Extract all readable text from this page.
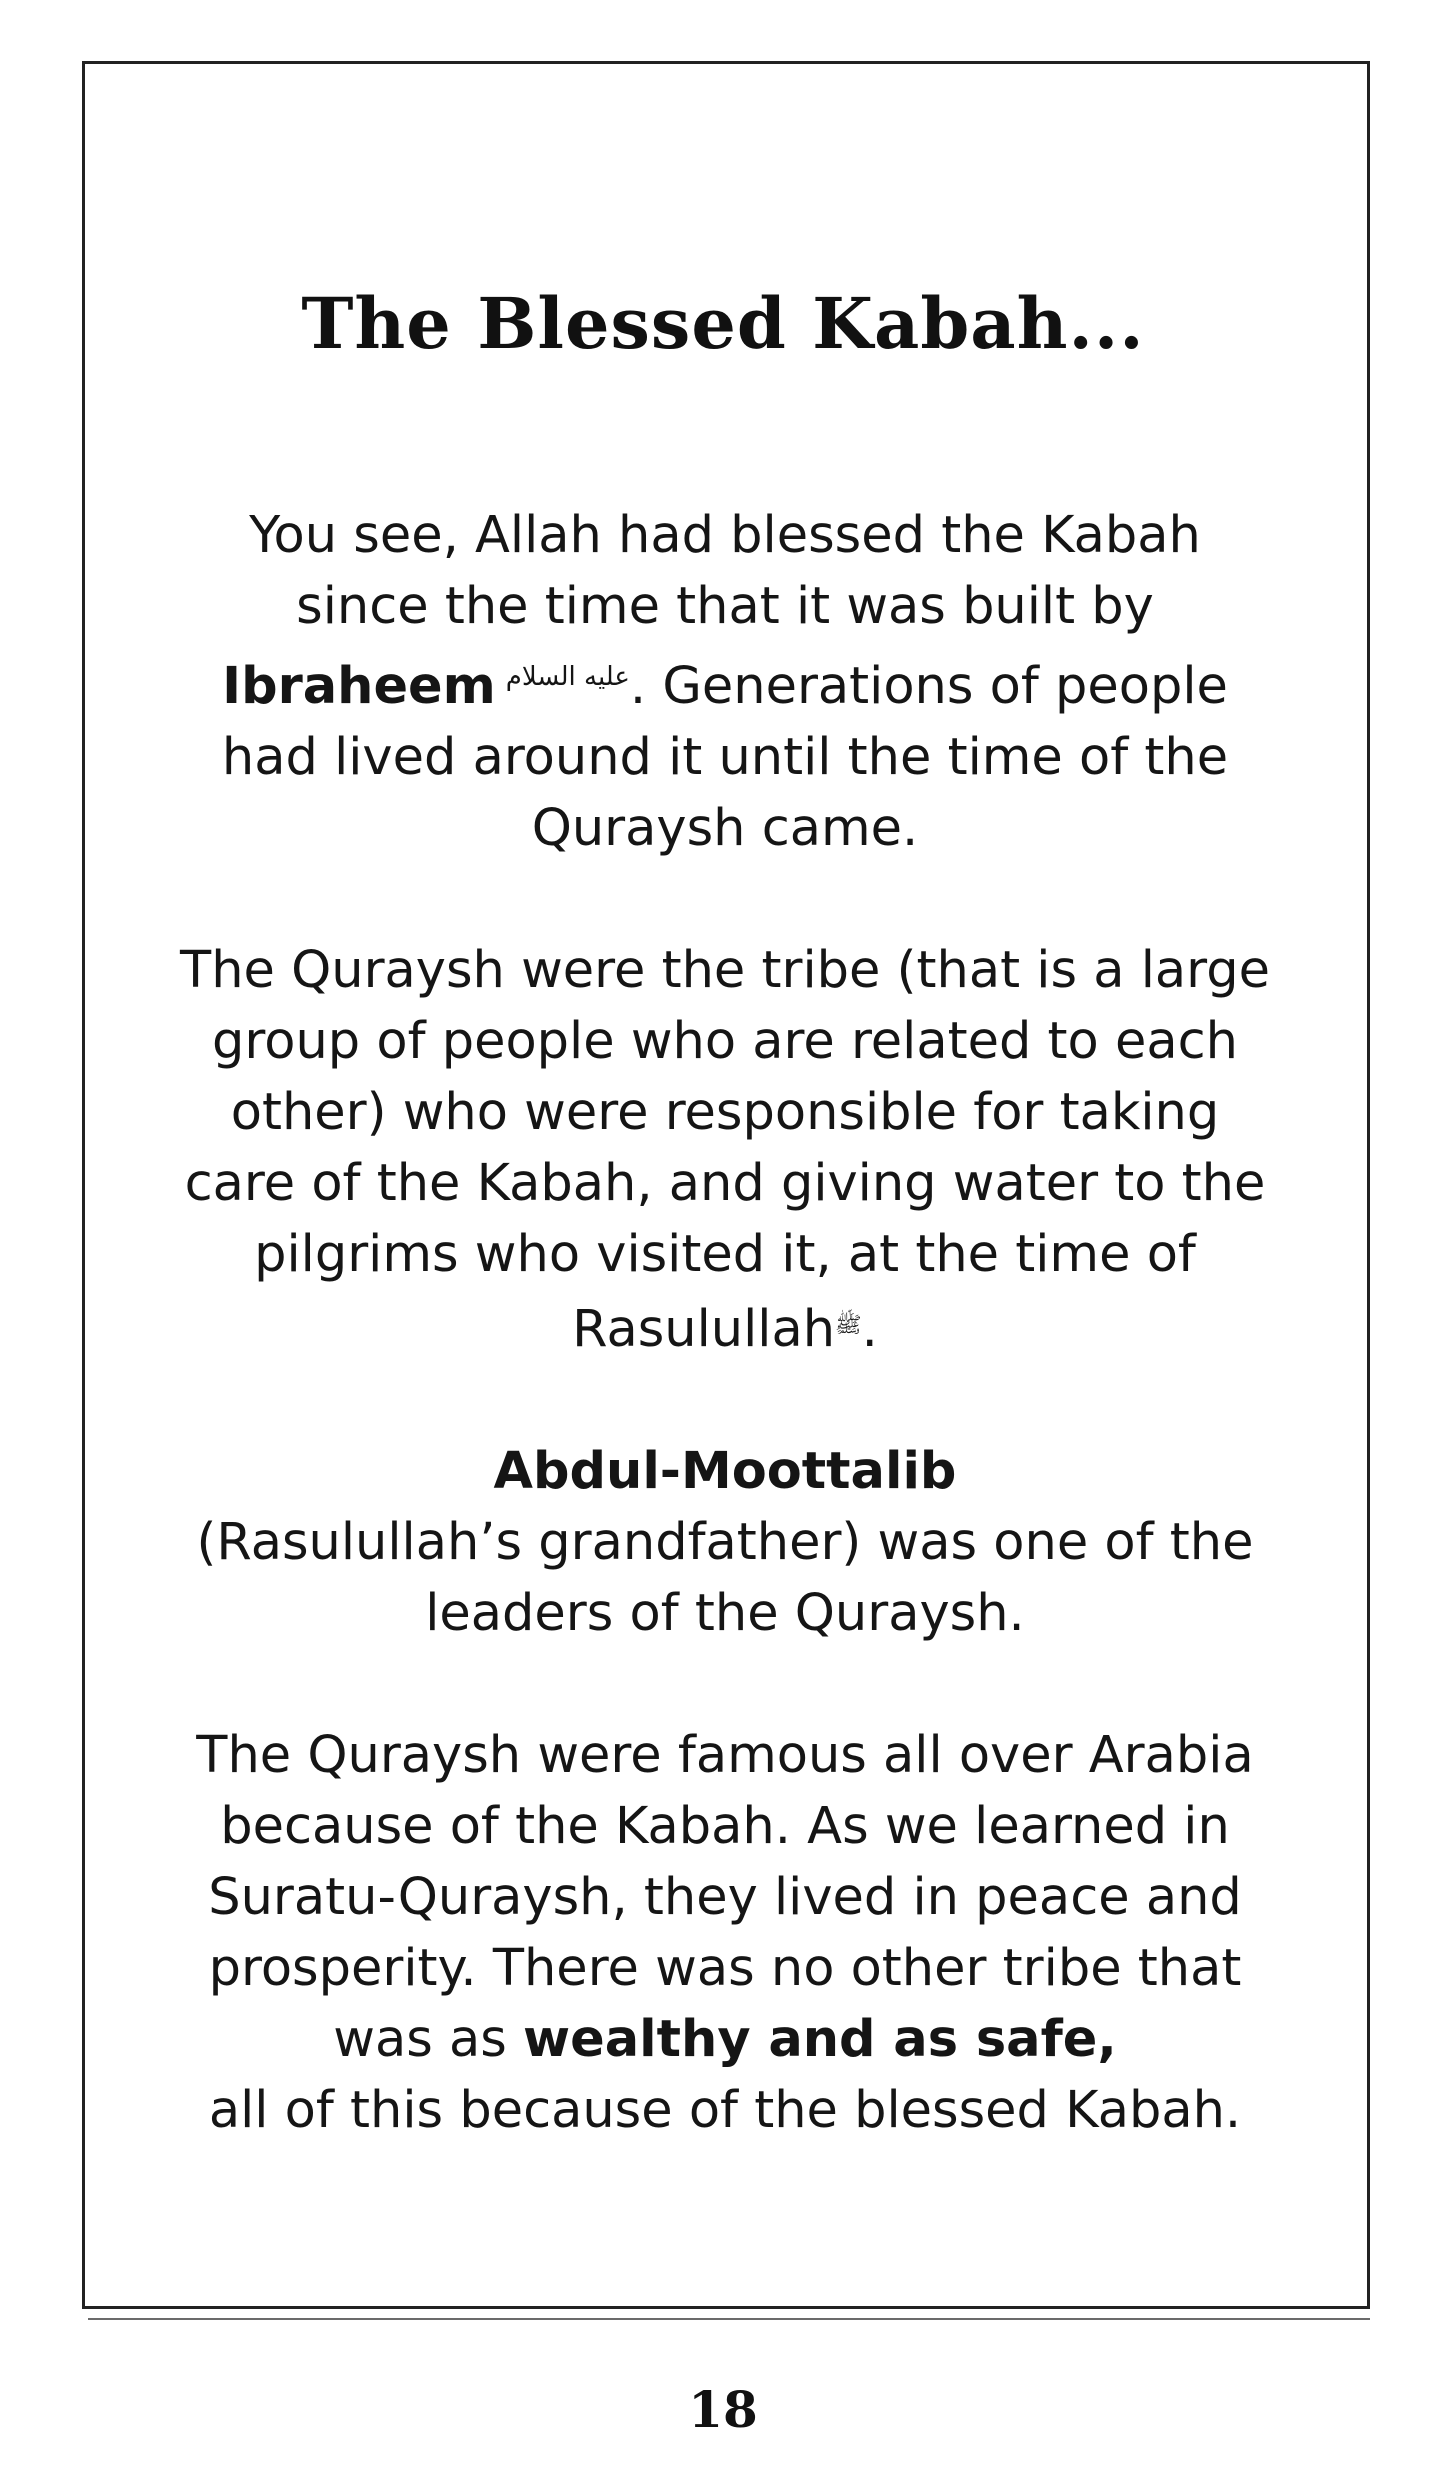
The Blessed Kabah...

You see, Allah had blessed the Kabah since the time that it was built by Ibraheem $^{عليه السلام}$. Generations of people had lived around it until the time of the Quraysh came.

The Quraysh were the tribe (that is a large group of people who are related to each other) who were responsible for taking care of the Kabah, and giving water to the pilgrims who visited it, at the time of Rasulullah$^ﷺ$.

Abdul-Moottalib
(Rasulullah’s grandfather) was one of the leaders of the Quraysh.

The Quraysh were famous all over Arabia because of the Kabah. As we learned in Suratu-Quraysh, they lived in peace and prosperity. There was no other tribe that was as wealthy and as safe,
all of this because of the blessed Kabah.

18
